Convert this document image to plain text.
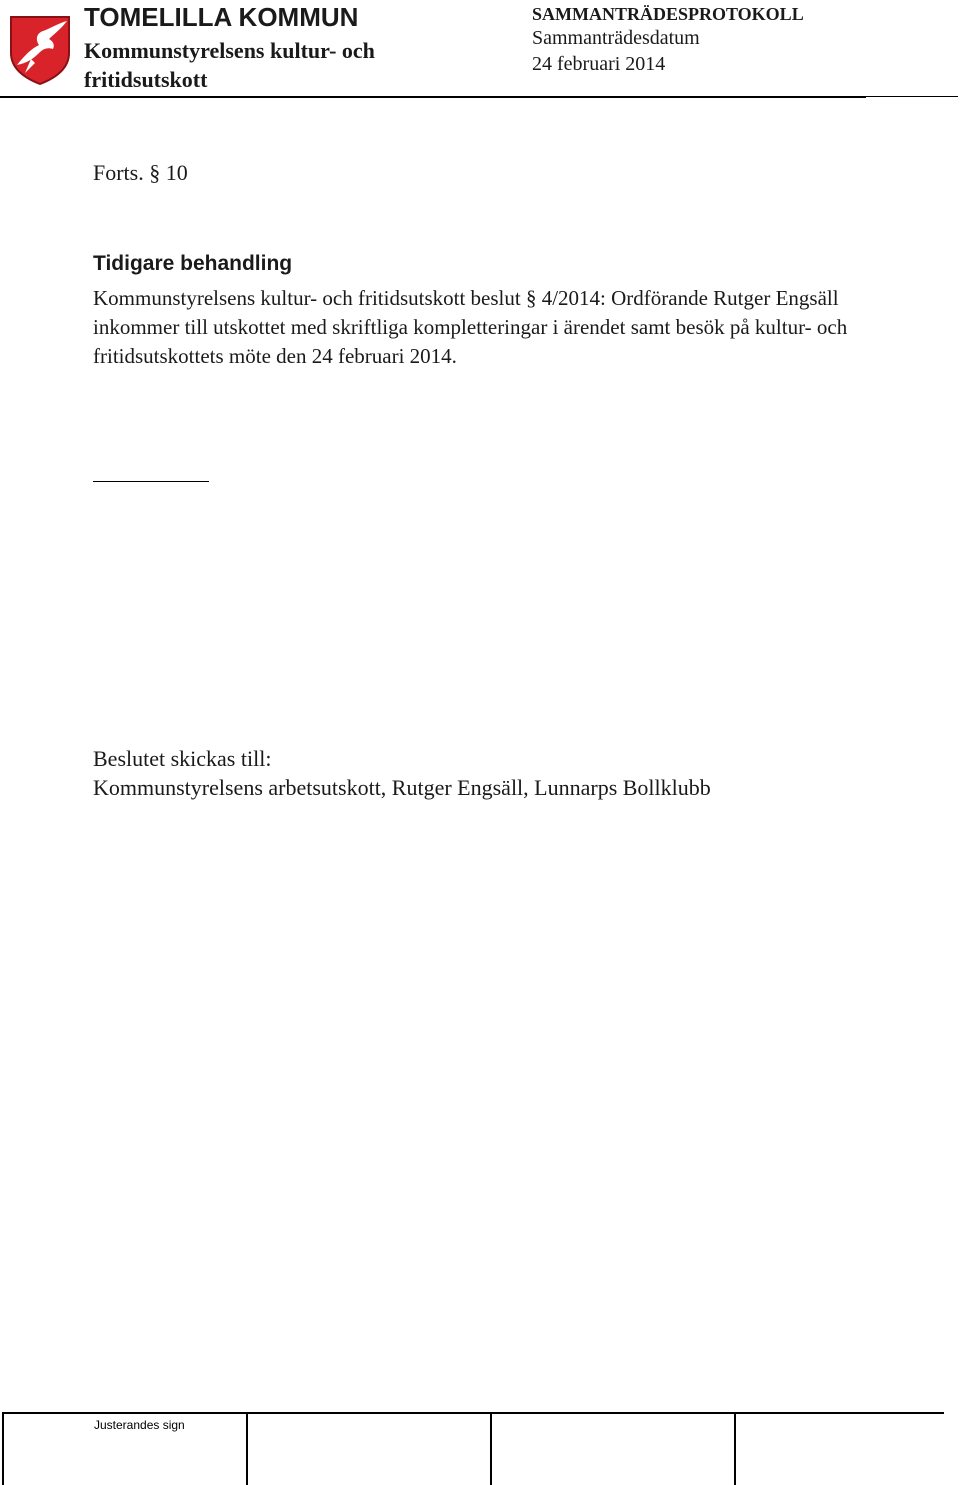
TOMELILLA KOMMUN
Kommunstyrelsens kultur- och fritidsutskott
SAMMANTRÄDESPROTOKOLL
Sammanträdesdatum
24 februari 2014
Forts. § 10
Tidigare behandling
Kommunstyrelsens kultur- och fritidsutskott beslut § 4/2014: Ordförande Rutger Engsäll inkommer till utskottet med skriftliga kompletteringar i ärendet samt besök på kultur- och fritidsutskottets möte den 24 februari 2014.
Beslutet skickas till:
Kommunstyrelsens arbetsutskott, Rutger Engsäll, Lunnarps Bollklubb
Justerandes sign
